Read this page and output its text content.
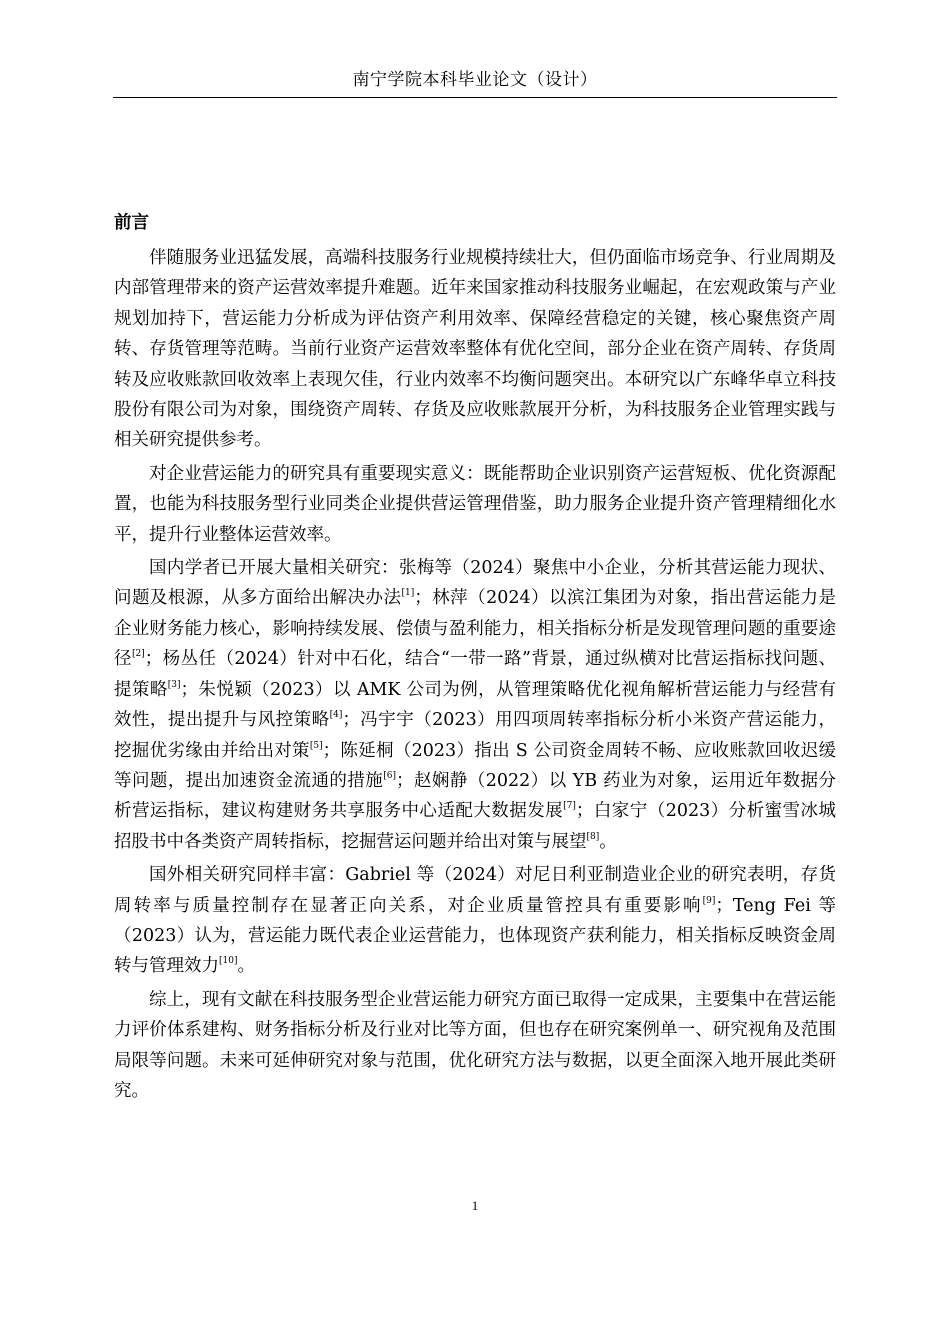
南宁学院本科毕业论文（设计）
前言

伴随服务业迅猛发展，高端科技服务行业规模持续壮大，但仍面临市场竞争、行业周期及内部管理带来的资产运营效率提升难题。近年来国家推动科技服务业崛起，在宏观政策与产业规划加持下，营运能力分析成为评估资产利用效率、保障经营稳定的关键，核心聚焦资产周转、存货管理等范畴。当前行业资产运营效率整体有优化空间，部分企业在资产周转、存货周转及应收账款回收效率上表现欠佳，行业内效率不均衡问题突出。本研究以广东峰华卓立科技股份有限公司为对象，围绕资产周转、存货及应收账款展开分析，为科技服务企业管理实践与相关研究提供参考。

对企业营运能力的研究具有重要现实意义：既能帮助企业识别资产运营短板、优化资源配置，也能为科技服务型行业同类企业提供营运管理借鉴，助力服务企业提升资产管理精细化水平，提升行业整体运营效率。

国内学者已开展大量相关研究：张梅等（2024）聚焦中小企业，分析其营运能力现状、问题及根源，从多方面给出解决办法[1]；林萍（2024）以滨江集团为对象，指出营运能力是企业财务能力核心，影响持续发展、偿债与盈利能力，相关指标分析是发现管理问题的重要途径[2]；杨丛任（2024）针对中石化，结合“一带一路”背景，通过纵横对比营运指标找问题、提策略[3]；朱悦颖（2023）以 AMK 公司为例，从管理策略优化视角解析营运能力与经营有效性，提出提升与风控策略[4]；冯宇宇（2023）用四项周转率指标分析小米资产营运能力，挖掘优劣缘由并给出对策[5]；陈延桐（2023）指出 S 公司资金周转不畅、应收账款回收迟缓等问题，提出加速资金流通的措施[6]；赵娴静（2022）以 YB 药业为对象，运用近年数据分析营运指标，建议构建财务共享服务中心适配大数据发展[7]；白家宁（2023）分析蜜雪冰城招股书中各类资产周转指标，挖掘营运问题并给出对策与展望[8]。

国外相关研究同样丰富：Gabriel 等（2024）对尼日利亚制造业企业的研究表明，存货周转率与质量控制存在显著正向关系，对企业质量管控具有重要影响[9]；Teng Fei 等（2023）认为，营运能力既代表企业运营能力，也体现资产获利能力，相关指标反映资金周转与管理效力[10]。

综上，现有文献在科技服务型企业营运能力研究方面已取得一定成果，主要集中在营运能力评价体系建构、财务指标分析及行业对比等方面，但也存在研究案例单一、研究视角及范围局限等问题。未来可延伸研究对象与范围，优化研究方法与数据，以更全面深入地开展此类研究。

1
